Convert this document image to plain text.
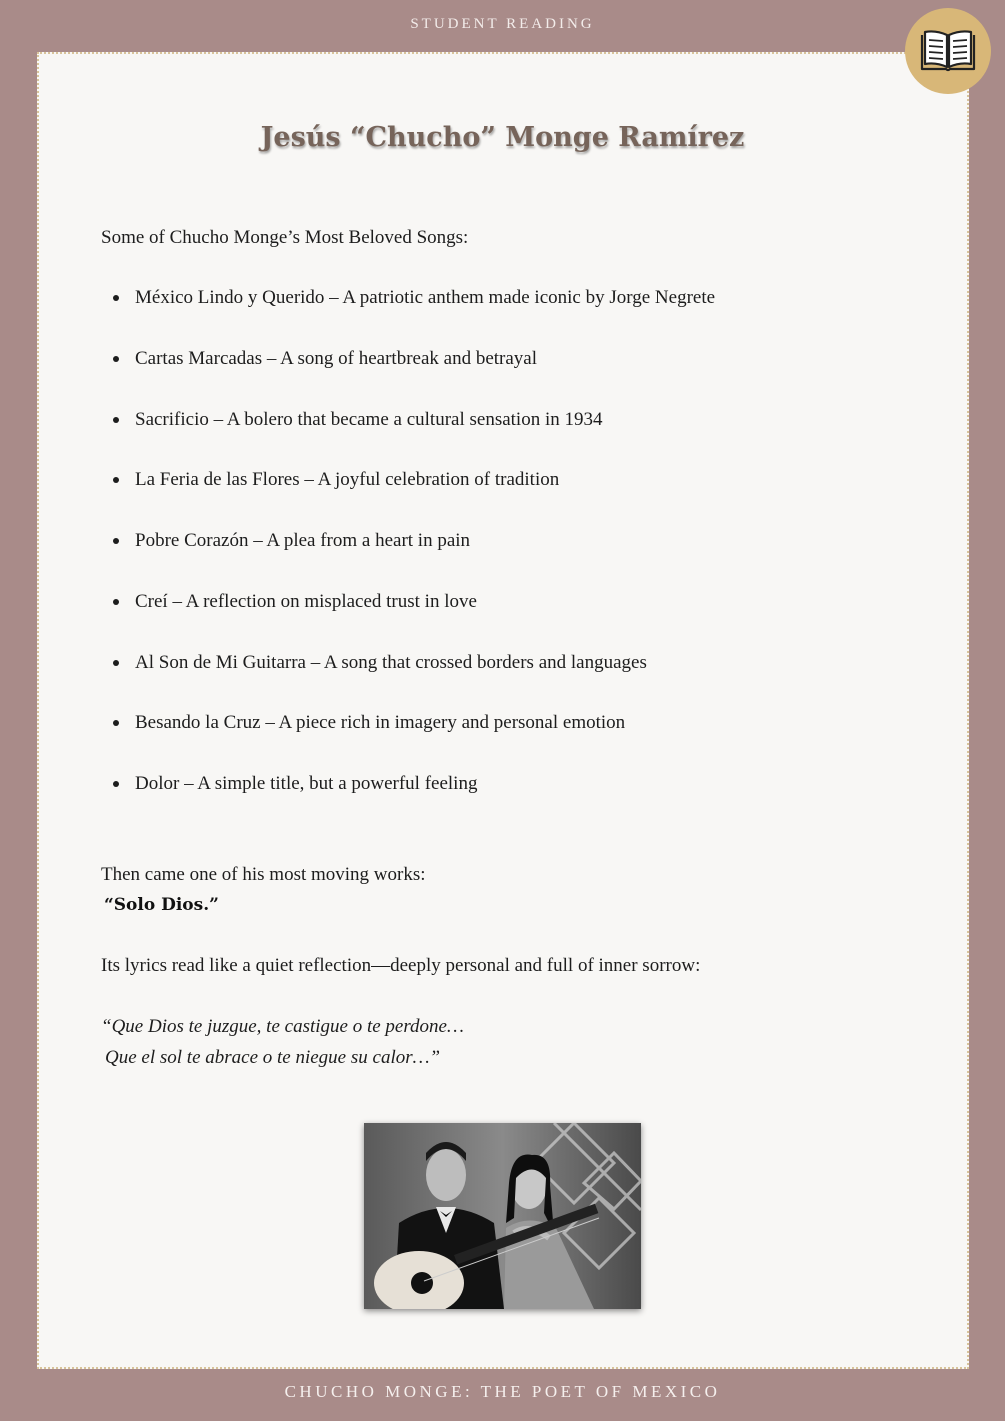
STUDENT READING
Jesús “Chucho” Monge Ramírez
Some of Chucho Monge’s Most Beloved Songs:
México Lindo y Querido – A patriotic anthem made iconic by Jorge Negrete
Cartas Marcadas – A song of heartbreak and betrayal
Sacrificio – A bolero that became a cultural sensation in 1934
La Feria de las Flores – A joyful celebration of tradition
Pobre Corazón – A plea from a heart in pain
Creí – A reflection on misplaced trust in love
Al Son de Mi Guitarra – A song that crossed borders and languages
Besando la Cruz – A piece rich in imagery and personal emotion
Dolor – A simple title, but a powerful feeling
Then came one of his most moving works:
“Solo Dios.”
Its lyrics read like a quiet reflection—deeply personal and full of inner sorrow:
“Que Dios te juzgue, te castigue o te perdone…
Que el sol te abrace o te niegue su calor…”
CHUCHO MONGE: THE POET OF MEXICO
